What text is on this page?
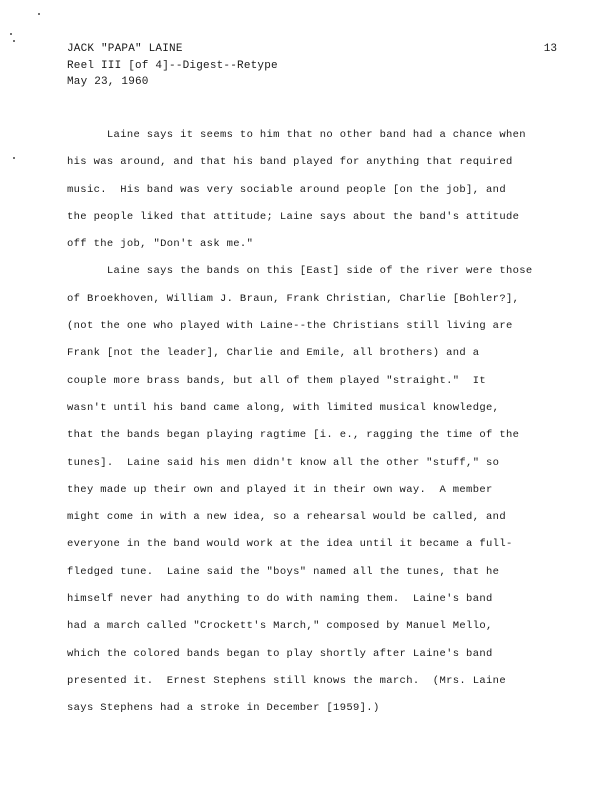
JACK "PAPA" LAINE
Reel III [of 4]--Digest--Retype
May 23, 1960
13
Laine says it seems to him that no other band had a chance when
his was around, and that his band played for anything that required
music.  His band was very sociable around people [on the job], and
the people liked that attitude; Laine says about the band's attitude
off the job, "Don't ask me."
Laine says the bands on this [East] side of the river were those
of Broekhoven, William J. Braun, Frank Christian, Charlie [Bohler?],
(not the one who played with Laine--the Christians still living are
Frank [not the leader], Charlie and Emile, all brothers) and a
couple more brass bands, but all of them played "straight."  It
wasn't until his band came along, with limited musical knowledge,
that the bands began playing ragtime [i. e., ragging the time of the
tunes].  Laine said his men didn't know all the other "stuff," so
they made up their own and played it in their own way.  A member
might come in with a new idea, so a rehearsal would be called, and
everyone in the band would work at the idea until it became a full-
fledged tune.  Laine said the "boys" named all the tunes, that he
himself never had anything to do with naming them.  Laine's band
had a march called "Crockett's March," composed by Manuel Mello,
which the colored bands began to play shortly after Laine's band
presented it.  Ernest Stephens still knows the march.  (Mrs. Laine
says Stephens had a stroke in December [1959].)
